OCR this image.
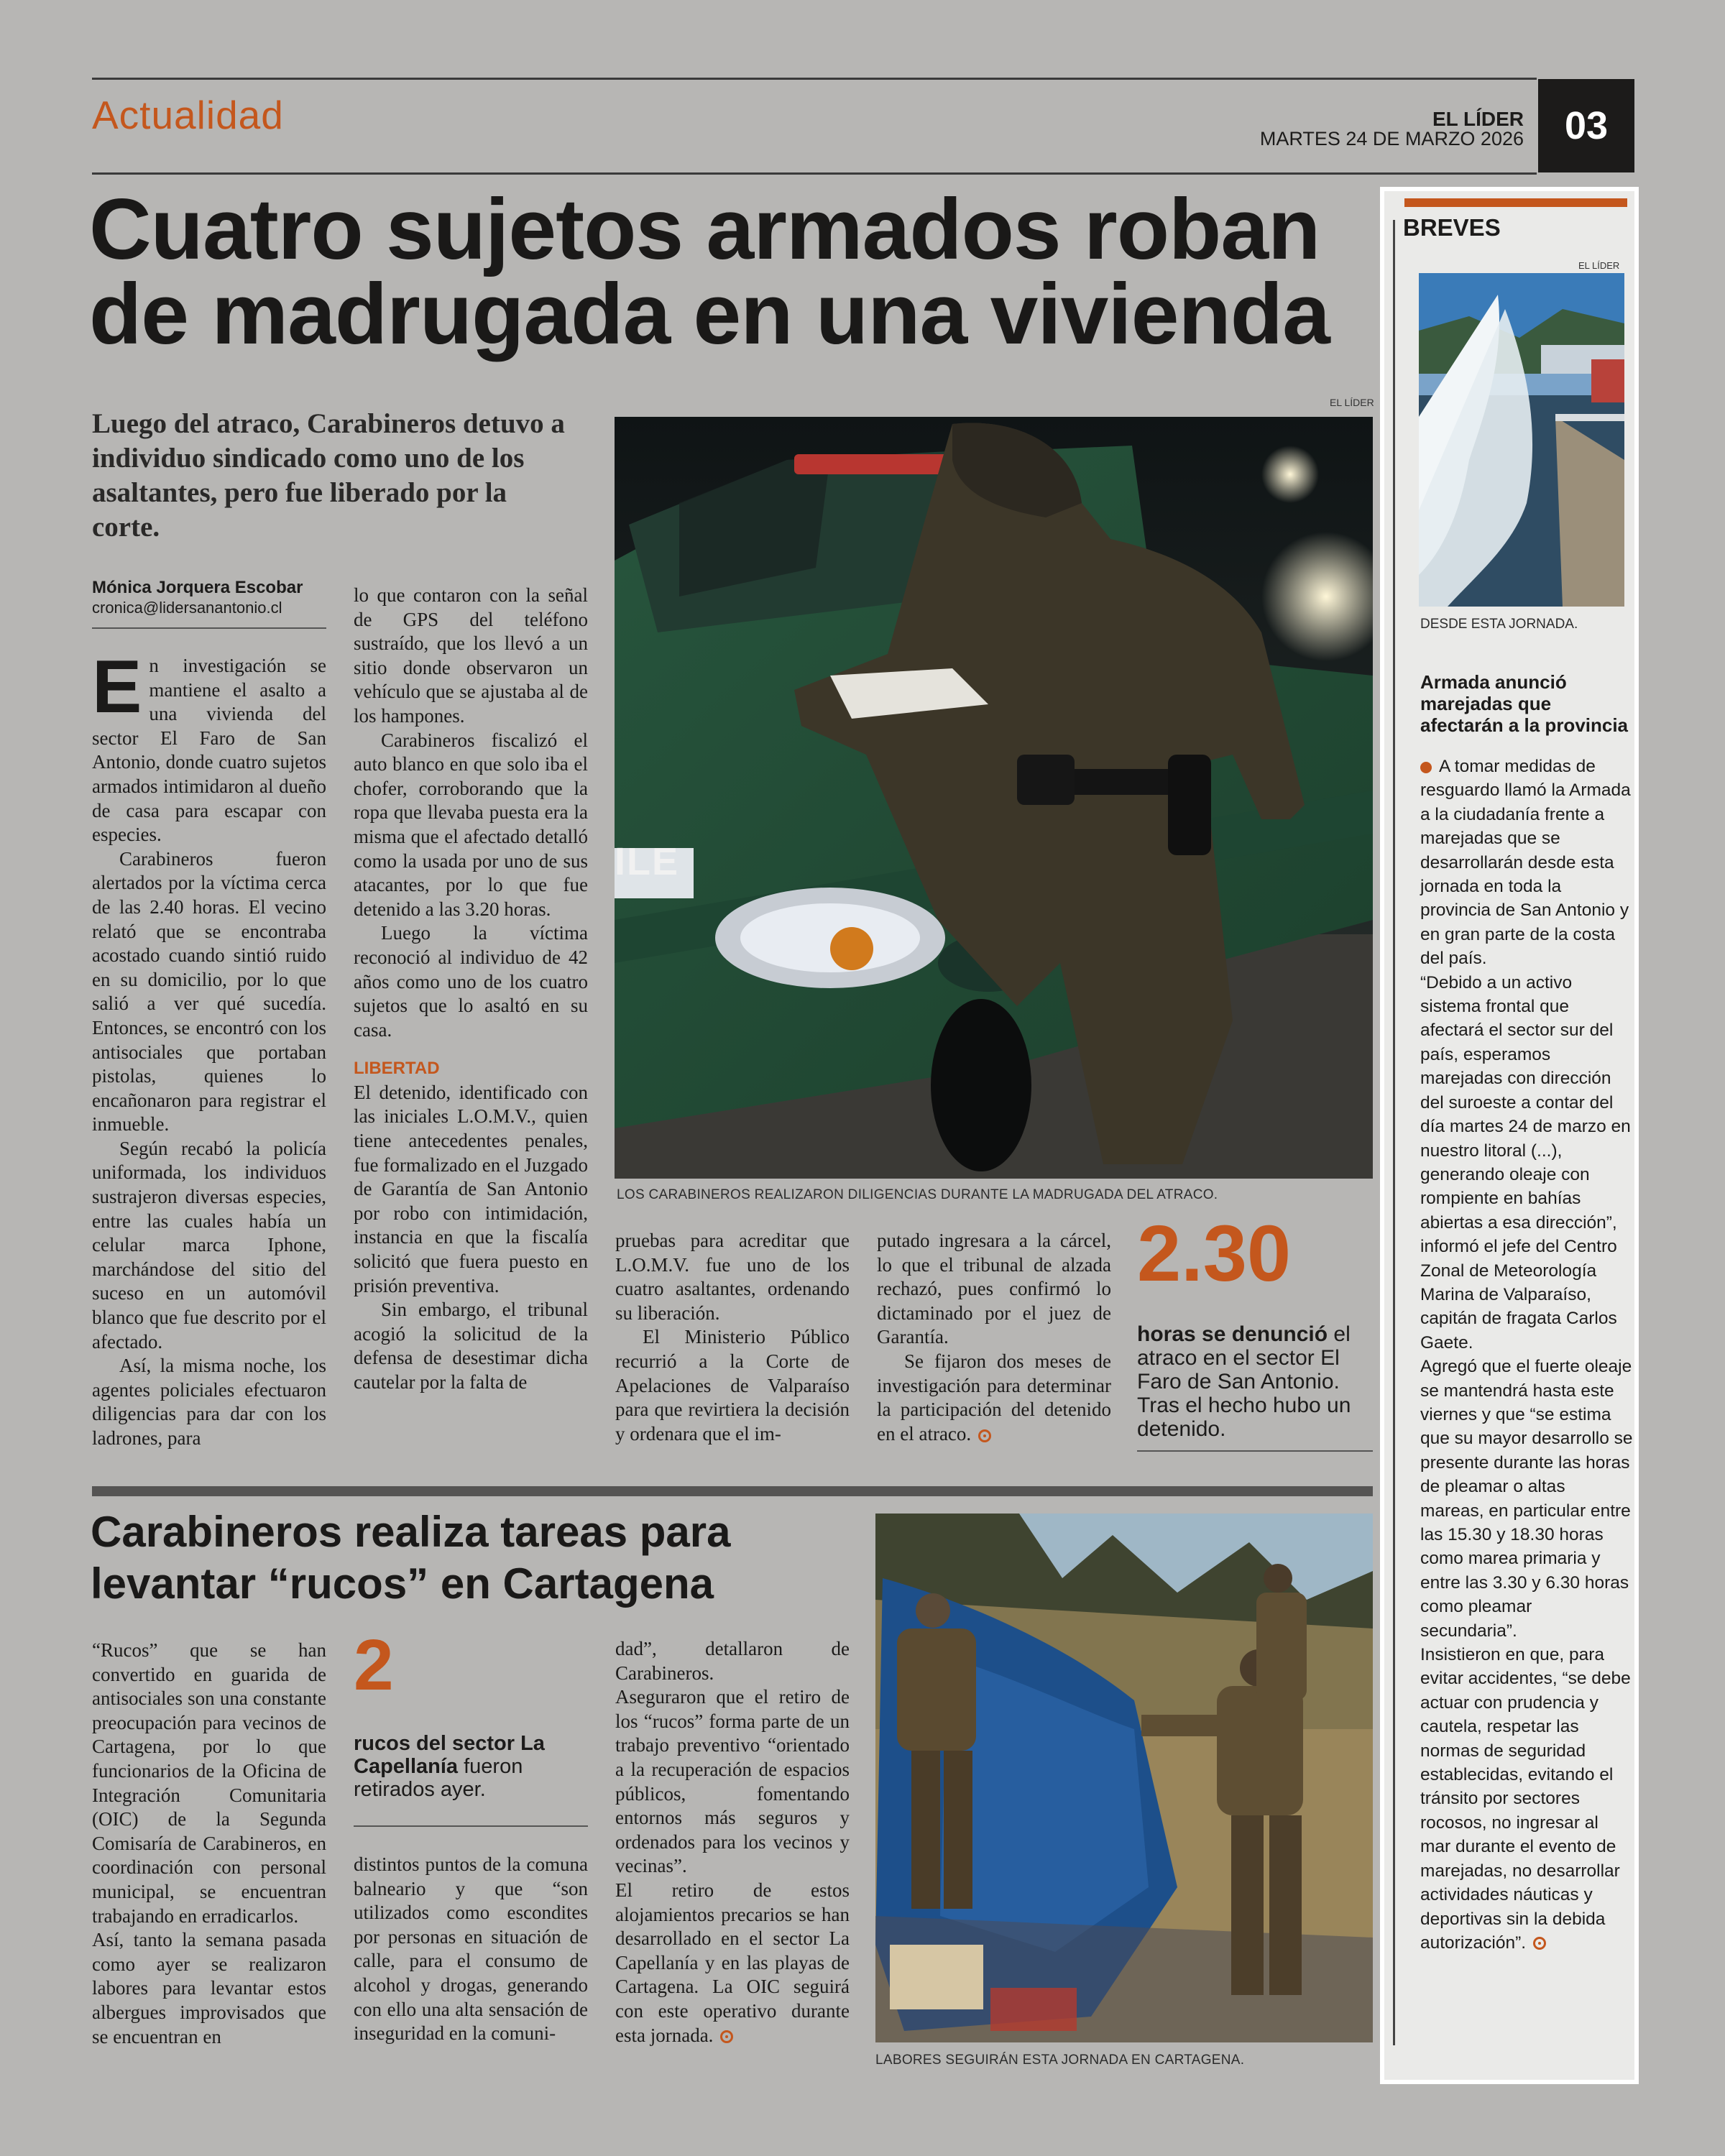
Actualidad	EL LÍDER
MARTES 24 DE MARZO 2026	03
Cuatro sujetos armados roban
de madrugada en una vivienda
Luego del atraco, Carabineros detuvo a individuo sindicado como uno de los asaltantes, pero fue liberado por la corte.
Mónica Jorquera Escobar
cronica@lidersanantonio.cl

En investigación se mantiene el asalto a una vivienda del sector El Faro de San Antonio, donde cuatro sujetos armados intimidaron al dueño de casa para escapar con especies.

Carabineros fueron alertados por la víctima cerca de las 2.40 horas. El vecino relató que se encontraba acostado cuando sintió ruido en su domicilio, por lo que salió a ver qué sucedía. Entonces, se encontró con los antisociales que portaban pistolas, quienes lo encañonaron para registrar el inmueble.

Según recabó la policía uniformada, los individuos sustrajeron diversas especies, entre las cuales había un celular marca Iphone, marchándose del sitio del suceso en un automóvil blanco que fue descrito por el afectado.

Así, la misma noche, los agentes policiales efectuaron diligencias para dar con los ladrones, para

lo que contaron con la señal de GPS del teléfono sustraído, que los llevó a un sitio donde observaron un vehículo que se ajustaba al de los hampones.

Carabineros fiscalizó el auto blanco en que solo iba el chofer, corroborando que la ropa que llevaba puesta era la misma que el afectado detalló como la usada por uno de sus atacantes, por lo que fue detenido a las 3.20 horas.

Luego la víctima reconoció al individuo de 42 años como uno de los cuatro sujetos que lo asaltó en su casa.

LIBERTAD

El detenido, identificado con las iniciales L.O.M.V., quien tiene antecedentes penales, fue formalizado en el Juzgado de Garantía de San Antonio por robo con intimidación, instancia en que la fiscalía solicitó que fuera puesto en prisión preventiva.

Sin embargo, el tribunal acogió la solicitud de la defensa de desestimar dicha cautelar por la falta de

EL LÍDER
ILE
LOS CARABINEROS REALIZARON DILIGENCIAS DURANTE LA MADRUGADA DEL ATRACO.

pruebas para acreditar que L.O.M.V. fue uno de los cuatro asaltantes, ordenando su liberación.

El Ministerio Público recurrió a la Corte de Apelaciones de Valparaíso para que revirtiera la decisión y ordenara que el im-

putado ingresara a la cárcel, lo que el tribunal de alzada rechazó, pues confirmó lo dictaminado por el juez de Garantía.

Se fijaron dos meses de investigación para determinar la participación del detenido en el atraco.

2.30
horas se denunció el atraco en el sector El Faro de San Antonio. Tras el hecho hubo un detenido.
Carabineros realiza tareas para
levantar “rucos” en Cartagena

“Rucos” que se han convertido en guarida de antisociales son una constante preocupación para vecinos de Cartagena, por lo que funcionarios de la Oficina de Integración Comunitaria (OIC) de la Segunda Comisaría de Carabineros, en coordinación con personal municipal, se encuentran trabajando en erradicarlos.

Así, tanto la semana pasada como ayer se realizaron labores para levantar estos albergues improvisados que se encuentran en

2
rucos del sector La Capellanía fueron retirados ayer.

distintos puntos de la comuna balneario y que “son utilizados como escondites por personas en situación de calle, para el consumo de alcohol y drogas, generando con ello una alta sensación de inseguridad en la comuni-

dad”, detallaron de Carabineros.

Aseguraron que el retiro de los “rucos” forma parte de un trabajo preventivo “orientado a la recuperación de espacios públicos, fomentando entornos más seguros y ordenados para los vecinos y vecinas”.

El retiro de estos alojamientos precarios se han desarrollado en el sector La Capellanía y en las playas de Cartagena. La OIC seguirá con este operativo durante esta jornada.

LABORES SEGUIRÁN ESTA JORNADA EN CARTAGENA.
BREVES
EL LÍDER
DESDE ESTA JORNADA.
Armada anunció marejadas que afectarán a la provincia

A tomar medidas de resguardo llamó la Armada a la ciudadanía frente a marejadas que se desarrollarán desde esta jornada en toda la provincia de San Antonio y en gran parte de la costa del país.

“Debido a un activo sistema frontal que afectará el sector sur del país, esperamos marejadas con dirección del suroeste a contar del día martes 24 de marzo en nuestro litoral (...), generando oleaje con rompiente en bahías abiertas a esa dirección”, informó el jefe del Centro Zonal de Meteorología Marina de Valparaíso, capitán de fragata Carlos Gaete.

Agregó que el fuerte oleaje se mantendrá hasta este viernes y que “se estima que su mayor desarrollo se presente durante las horas de pleamar o altas mareas, en particular entre las 15.30 y 18.30 horas como marea primaria y entre las 3.30 y 6.30 horas como pleamar secundaria”.

Insistieron en que, para evitar accidentes, “se debe actuar con prudencia y cautela, respetar las normas de seguridad establecidas, evitando el tránsito por sectores rocosos, no ingresar al mar durante el evento de marejadas, no desarrollar actividades náuticas y deportivas sin la debida autorización”.
